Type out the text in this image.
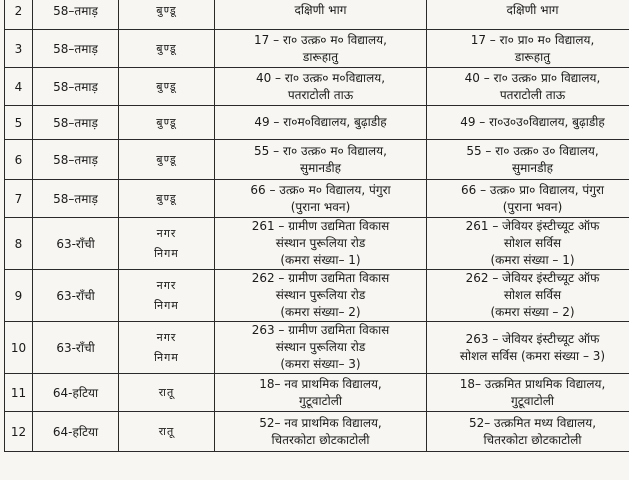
2	58–तमाड़	बुण्डू	दक्षिणी भाग	दक्षिणी भाग

3	58–तमाड़	बुण्डू	17 – रा० उत्क्र० म० विद्यालय,
डारूहातु	17 – रा० प्रा० म० विद्यालय,
डारूहातु

4	58–तमाड़	बुण्डू	40 – रा० उत्क्र० म०विद्यालय,
पतराटोली ताऊ	40 – रा० उत्क्र० प्रा० विद्यालय,
पतराटोली ताऊ

5	58–तमाड़	बुण्डू	49 – रा०म०विद्यालय, बुढ़ाडीह	49 – रा०उ०उ०विद्यालय, बुढ़ाडीह

6	58–तमाड़	बुण्डू	55 – रा० उत्क्र० म० विद्यालय,
सुमानडीह	55 – रा० उत्क्र० उ० विद्यालय,
सुमानडीह

7	58–तमाड़	बुण्डू	66 – उत्क्र० म० विद्यालय, पंगुरा
(पुराना भवन)	66 – उत्क्र० प्रा० विद्यालय, पंगुरा
(पुराना भवन)

8	63-राँची	नगर
निगम	261 – ग्रामीण उद्यमिता विकास
संस्थान पुरूलिया रोड
(कमरा संख्या– 1)	261 – जेवियर इंस्टीच्यूट ऑफ
सोशल सर्विस
(कमरा संख्या – 1)

9	63-राँची	नगर
निगम	262 – ग्रामीण उद्यमिता विकास
संस्थान पुरूलिया रोड
(कमरा संख्या– 2)	262 – जेवियर इंस्टीच्यूट ऑफ
सोशल सर्विस
(कमरा संख्या – 2)

10	63-राँची	नगर
निगम	263 – ग्रामीण उद्यमिता विकास
संस्थान पुरूलिया रोड
(कमरा संख्या– 3)	263 – जेवियर इंस्टीच्यूट ऑफ
सोशल सर्विस (कमरा संख्या – 3)

11	64-हटिया	रातू	18– नव प्राथमिक विद्यालय,
गुटूवाटोली	18– उत्क्रमित प्राथमिक विद्यालय,
गुटूवाटोली

12	64-हटिया	रातू	52– नव प्राथमिक विद्यालय,
चितरकोटा छोटकाटोली	52– उत्क्रमित मध्य विद्यालय,
चितरकोटा छोटकाटोली
